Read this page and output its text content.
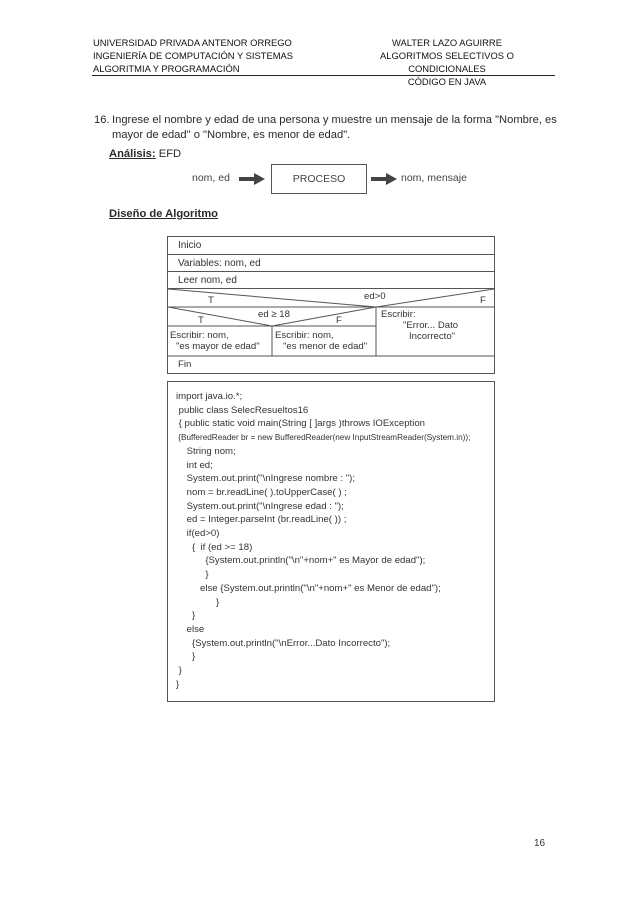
UNIVERSIDAD PRIVADA ANTENOR ORREGO
INGENIERÍA DE COMPUTACIÓN Y SISTEMAS
ALGORITMIA Y PROGRAMACIÓN
WALTER LAZO AGUIRRE
ALGORITMOS SELECTIVOS O CONDICIONALES
CÓDIGO EN JAVA
16. Ingrese el nombre y edad de una persona y muestre un mensaje de la forma "Nombre, es
mayor de edad" o "Nombre, es menor de edad".
Análisis: EFD
nom, ed	PROCESO	nom, mensaje
Diseño de Algoritmo
Inicio
Variables: nom, ed
Leer nom, ed
ed>0
T	F
ed ≥ 18
T	F
Escribir: nom,
"es mayor de edad"
Escribir: nom,
"es menor de edad"
Escribir:
"Error... Dato
Incorrecto"
Fin
import java.io.*;
public class SelecResueltos16
{ public static void main(String [ ]args )throws IOException
{BufferedReader br = new BufferedReader(new InputStreamReader(System.in));
String nom;
int ed;
System.out.print("\nIngrese nombre : ");
nom = br.readLine( ).toUpperCase( ) ;
System.out.print("\nIngrese edad : ");
ed = Integer.parseInt (br.readLine( )) ;
if(ed>0)
{  if (ed >= 18)
{System.out.println("\n"+nom+" es Mayor de edad");
}
else {System.out.println("\n"+nom+" es Menor de edad");
}
}
else
{System.out.println("\nError...Dato Incorrecto");
}
}
}
16
